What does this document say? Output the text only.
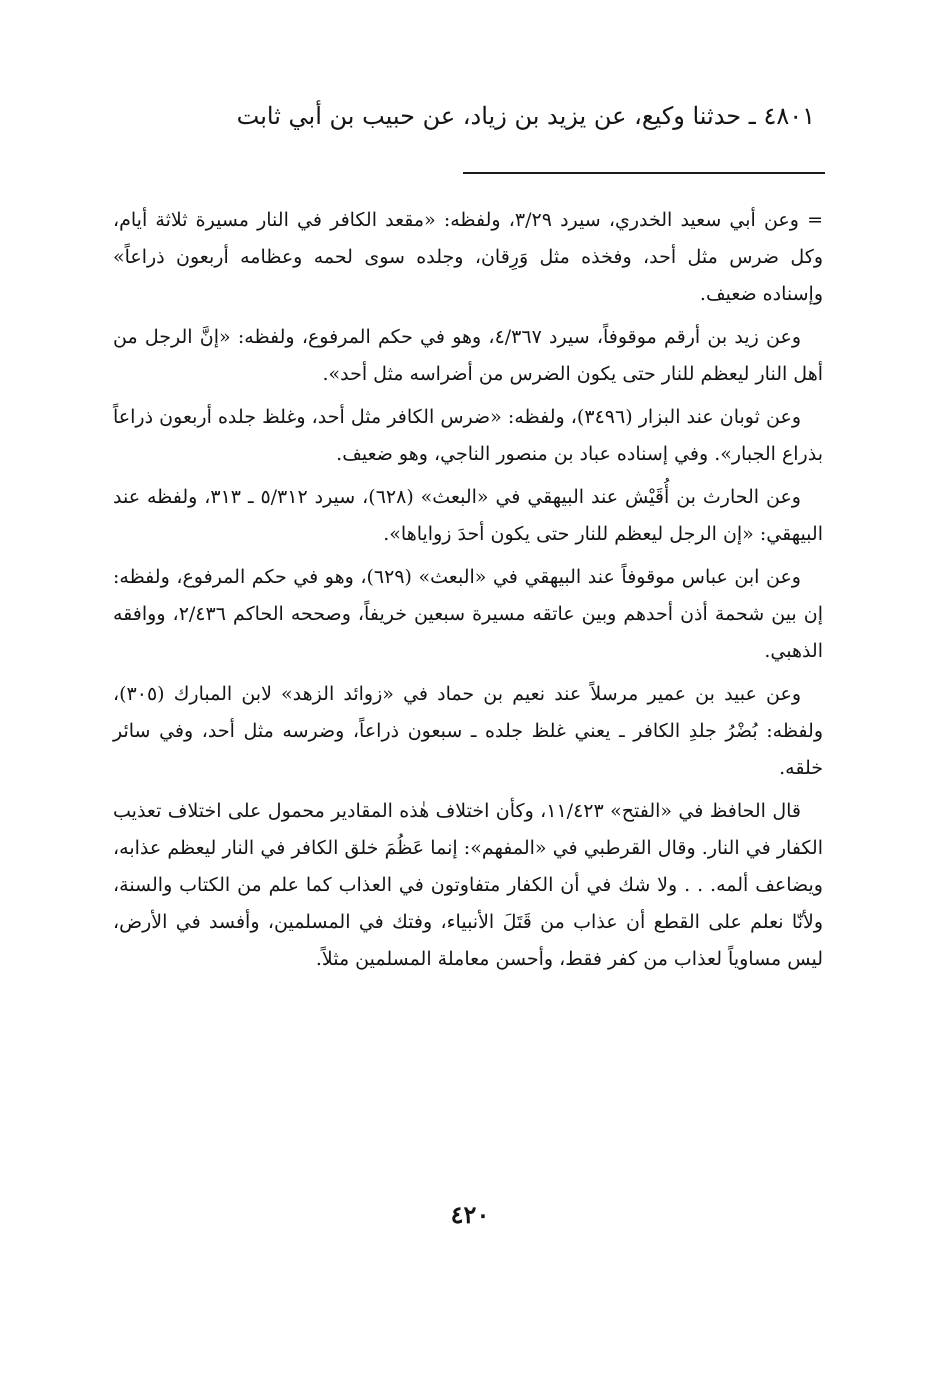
٤٨٠١ ـ حدثنا وكيع، عن يزيد بن زياد، عن حبيب بن أبي ثابت

= وعن أبي سعيد الخدري، سيرد ٣/٢٩، ولفظه: «مقعد الكافر في النار مسيرة ثلاثة أيام، وكل ضرس مثل أحد، وفخذه مثل وَرِقان، وجلده سوى لحمه وعظامه أربعون ذراعاً» وإسناده ضعيف.

وعن زيد بن أرقم موقوفاً، سيرد ٤/٣٦٧، وهو في حكم المرفوع، ولفظه: «إنَّ الرجل من أهل النار ليعظم للنار حتى يكون الضرس من أضراسه مثل أحد».

وعن ثوبان عند البزار (٣٤٩٦)، ولفظه: «ضرس الكافر مثل أحد، وغلظ جلده أربعون ذراعاً بذراع الجبار». وفي إسناده عباد بن منصور الناجي، وهو ضعيف.

وعن الحارث بن أُقَيْش عند البيهقي في «البعث» (٦٢٨)، سيرد ٥/٣١٢ ـ ٣١٣، ولفظه عند البيهقي: «إن الرجل ليعظم للنار حتى يكون أحدَ زواياها».

وعن ابن عباس موقوفاً عند البيهقي في «البعث» (٦٢٩)، وهو في حكم المرفوع، ولفظه: إن بين شحمة أذن أحدهم وبين عاتقه مسيرة سبعين خريفاً، وصححه الحاكم ٢/٤٣٦، ووافقه الذهبي.

وعن عبيد بن عمير مرسلاً عند نعيم بن حماد في «زوائد الزهد» لابن المبارك (٣٠٥)، ولفظه: بُضْرُ جلدِ الكافر ـ يعني غلظ جلده ـ سبعون ذراعاً، وضرسه مثل أحد، وفي سائر خلقه.

قال الحافظ في «الفتح» ١١/٤٢٣، وكأن اختلاف هٰذه المقادير محمول على اختلاف تعذيب الكفار في النار. وقال القرطبي في «المفهم»: إنما عَظُمَ خلق الكافر في النار ليعظم عذابه، ويضاعف ألمه. . . ولا شك في أن الكفار متفاوتون في العذاب كما علم من الكتاب والسنة، ولأنّا نعلم على القطع أن عذاب من قَتَلَ الأنبياء، وفتك في المسلمين، وأفسد في الأرض، ليس مساوياً لعذاب من كفر فقط، وأحسن معاملة المسلمين مثلاً.

٤٢٠
